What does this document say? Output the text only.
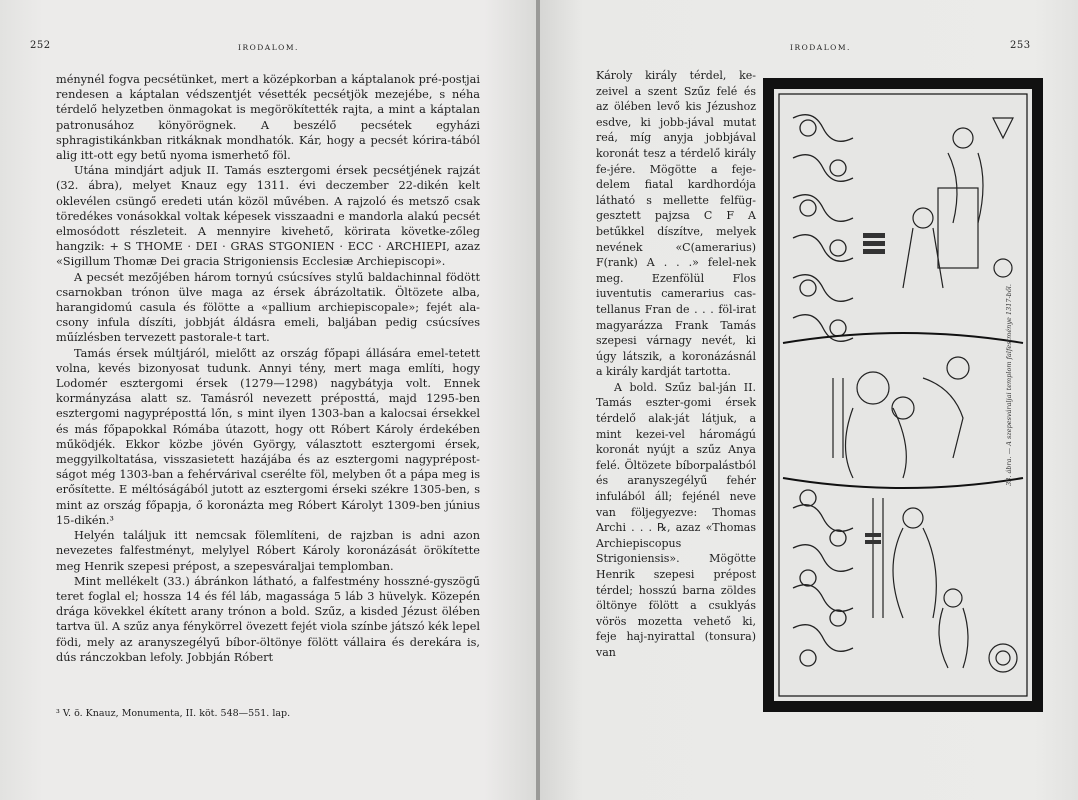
252	IRODALOM.

ménynél fogva pecsétünket, mert a középkorban a káptalanok pré-postjai rendesen a káptalan védszentjét vésették pecsétjök mezejébe, s néha térdelő helyzetben önmagokat is megörökítették rajta, a mint a káptalan patronusához könyörögnek. A beszélő pecsétek egyházi sphragistikánkban ritkáknak mondhatók. Kár, hogy a pecsét kórira-tából alig itt-ott egy betű nyoma ismerhető föl.

Utána mindjárt adjuk II. Tamás esztergomi érsek pecsétjének rajzát (32. ábra), melyet Knauz egy 1311. évi deczember 22-dikén kelt oklevélen csüngő eredeti után közöl művében. A rajzoló és metsző csak töredékes vonásokkal voltak képesek visszaadni e mandorla alakú pecsét elmosódott részleteit. A mennyire kivehető, körirata követke-zőleg hangzik: + S THOME · DEI · GRAS STGONIEN · ECC · ARCHIEPI, azaz «Sigillum Thomæ Dei gracia Strigoniensis Ecclesiæ Archiepiscopi».

A pecsét mezőjében három tornyú csúcsíves stylű baldachinnal födött csarnokban trónon ülve maga az érsek ábrázoltatik. Öltözete alba, harangidomú casula és fölötte a «pallium archiepiscopale»; fejét ala-csony infula díszíti, jobbját áldásra emeli, baljában pedig csúcsíves műízlésben tervezett pastorale-t tart.

Tamás érsek múltjáról, mielőtt az ország főpapi állására emel-tetett volna, kevés bizonyosat tudunk. Annyi tény, mert maga említi, hogy Lodomér esztergomi érsek (1279—1298) nagybátyja volt. Ennek kormányzása alatt sz. Tamásról nevezett préposttá, majd 1295-ben esztergomi nagypréposttá lőn, s mint ilyen 1303-ban a kalocsai érsekkel és más főpapokkal Rómába útazott, hogy ott Róbert Károly érdekében működjék. Ekkor közbe jövén György, választott esztergomi érsek, meggyilkoltatása, visszasietett hazájába és az esztergomi nagyprépost-ságot még 1303-ban a fehérvárival cserélte föl, melyben őt a pápa meg is erősítette. E méltóságából jutott az esztergomi érseki székre 1305-ben, s mint az ország főpapja, ő koronázta meg Róbert Károlyt 1309-ben június 15-dikén.³

Helyén találjuk itt nemcsak fölemlíteni, de rajzban is adni azon nevezetes falfestményt, melylyel Róbert Károly koronázását örökítette meg Henrik szepesi prépost, a szepesváraljai templomban.

Mint mellékelt (33.) ábránkon látható, a falfestmény hosszné-gyszögű teret foglal el; hossza 14 és fél láb, magassága 5 láb 3 hüvelyk. Közepén drága kövekkel ékített arany trónon a bold. Szűz, a kisded Jézust ölében tartva ül. A szűz anya fénykörrel övezett fejét viola színbe játszó kék lepel födi, mely az aranyszegélyű bíbor-öltönye fölött vállaira és derekára is, dús ránczokban lefoly. Jobbján Róbert

³ V. ö. Knauz, Monumenta, II. köt. 548—551. lap.
IRODALOM.	253

Károly király térdel, ke-zeivel a szent Szűz felé és az ölében levő kis Jézushoz esdve, ki jobb-jával mutat reá, míg anyja jobbjával koronát tesz a térdelő király fe-jére. Mögötte a feje-delem fiatal kardhordója látható s mellette felfüg-gesztett pajzsa C F A betűkkel díszítve, melyek nevének «C(amerarius) F(rank) A . . .» felel-nek meg. Ezenfölül Flos iuventutis camerarius cas-tellanus Fran de . . . föl-irat magyarázza Frank Tamás szepesi várnagy nevét, ki úgy látszik, a koronázásnál a király kardját tartotta.

A bold. Szűz bal-ján II. Tamás eszter-gomi érsek térdelő alak-ját látjuk, a mint kezei-vel háromágú koronát nyújt a szűz Anya felé. Öltözete bíborpalástból és aranyszegélyű fehér infulából áll; fejénél neve van följegyezve: Thomas Archi . . . ℞, azaz «Thomas Archiepiscopus Strigoniensis». Mögötte Henrik szepesi prépost térdel; hosszú barna zöldes öltönye fölött a csuklyás vörös mozetta vehető ki, feje haj-nyirattal (tonsura) van

33. ábra. — A szepesváraljai templom falfestménye 1317-ből.
